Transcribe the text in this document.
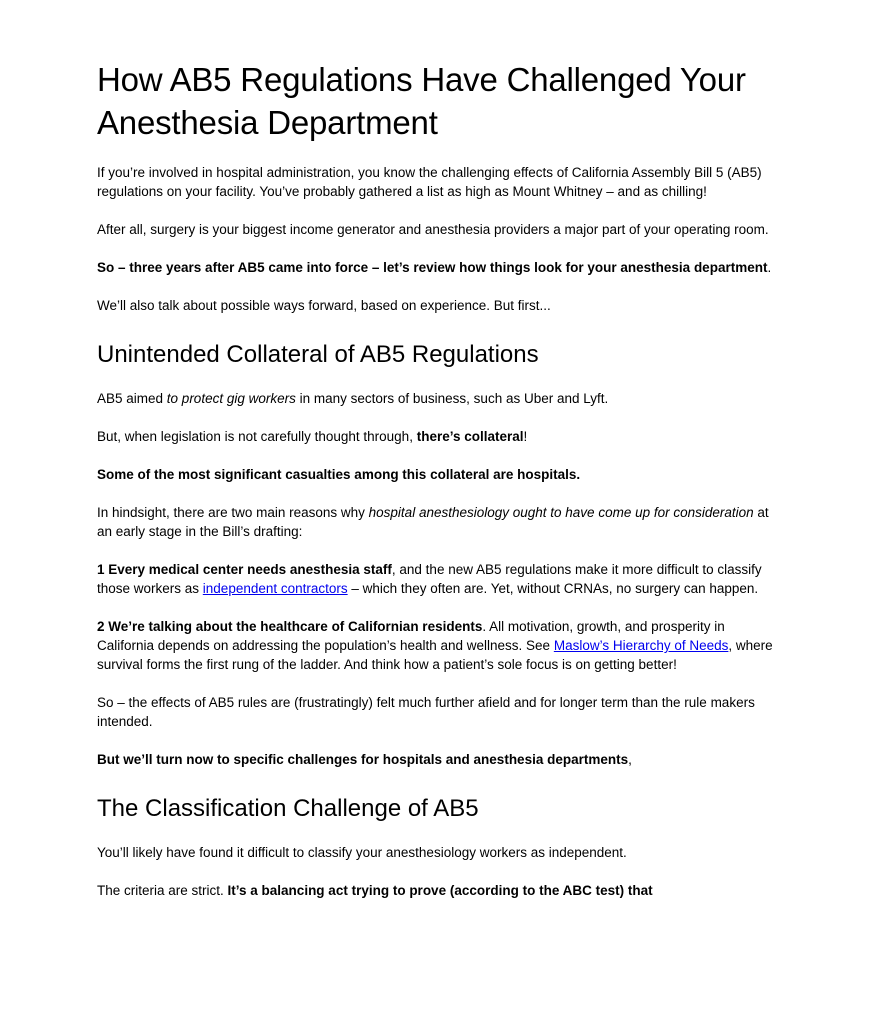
How AB5 Regulations Have Challenged Your Anesthesia Department

If you’re involved in hospital administration, you know the challenging effects of California Assembly Bill 5 (AB5) regulations on your facility. You’ve probably gathered a list as high as Mount Whitney – and as chilling!

After all, surgery is your biggest income generator and anesthesia providers a major part of your operating room.

So – three years after AB5 came into force – let’s review how things look for your anesthesia department.

We’ll also talk about possible ways forward, based on experience. But first...

Unintended Collateral of AB5 Regulations

AB5 aimed to protect gig workers in many sectors of business, such as Uber and Lyft.

But, when legislation is not carefully thought through, there’s collateral!

Some of the most significant casualties among this collateral are hospitals.

In hindsight, there are two main reasons why hospital anesthesiology ought to have come up for consideration at an early stage in the Bill’s drafting:

1 Every medical center needs anesthesia staff, and the new AB5 regulations make it more difficult to classify those workers as independent contractors – which they often are. Yet, without CRNAs, no surgery can happen.

2 We’re talking about the healthcare of Californian residents. All motivation, growth, and prosperity in California depends on addressing the population’s health and wellness. See Maslow’s Hierarchy of Needs, where survival forms the first rung of the ladder. And think how a patient’s sole focus is on getting better!

So – the effects of AB5 rules are (frustratingly) felt much further afield and for longer term than the rule makers intended.

But we’ll turn now to specific challenges for hospitals and anesthesia departments,

The Classification Challenge of AB5

You’ll likely have found it difficult to classify your anesthesiology workers as independent.

The criteria are strict. It’s a balancing act trying to prove (according to the ABC test) that
